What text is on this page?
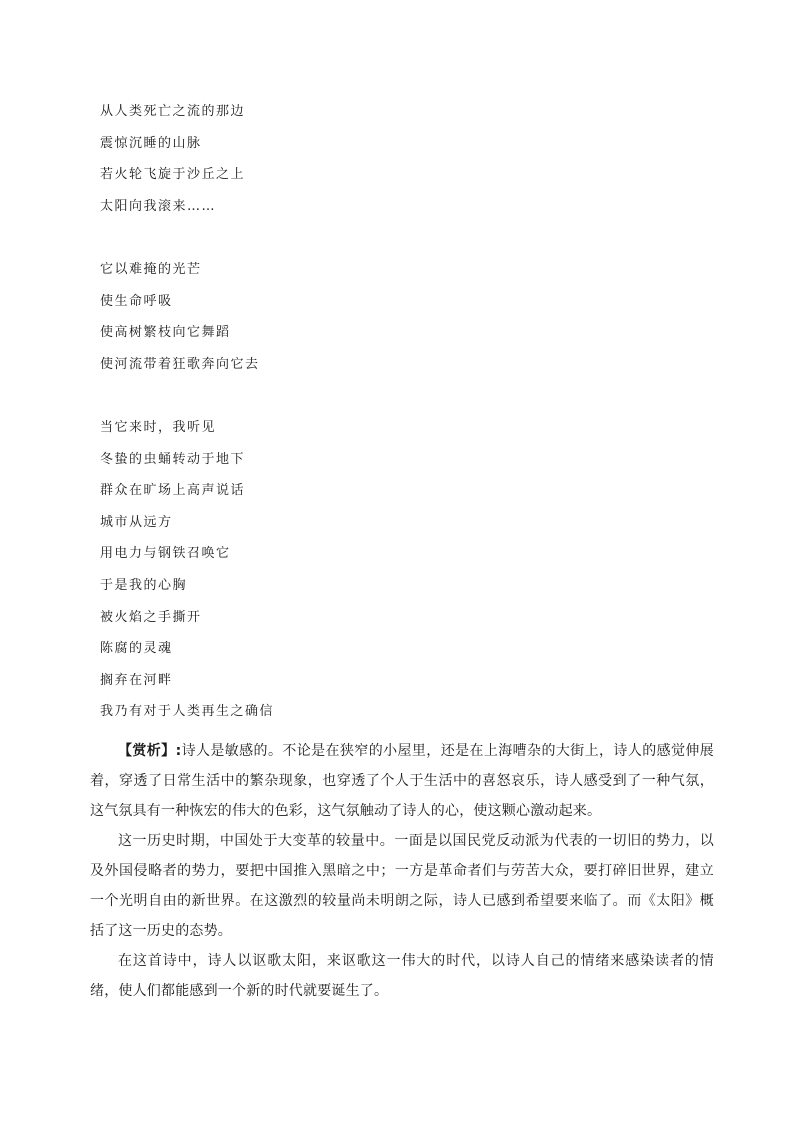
从人类死亡之流的那边
震惊沉睡的山脉
若火轮飞旋于沙丘之上
太阳向我滚来……
它以难掩的光芒
使生命呼吸
使高树繁枝向它舞蹈
使河流带着狂歌奔向它去
当它来时，我听见
冬蛰的虫蛹转动于地下
群众在旷场上高声说话
城市从远方
用电力与钢铁召唤它
于是我的心胸
被火焰之手撕开
陈腐的灵魂
搁弃在河畔
我乃有对于人类再生之确信

【赏析】:诗人是敏感的。不论是在狭窄的小屋里，还是在上海嘈杂的大街上，诗人的感觉伸展着，穿透了日常生活中的繁杂现象，也穿透了个人于生活中的喜怒哀乐，诗人感受到了一种气氛，这气氛具有一种恢宏的伟大的色彩，这气氛触动了诗人的心，使这颗心激动起来。

这一历史时期，中国处于大变革的较量中。一面是以国民党反动派为代表的一切旧的势力，以及外国侵略者的势力，要把中国推入黑暗之中；一方是革命者们与劳苦大众，要打碎旧世界，建立一个光明自由的新世界。在这激烈的较量尚未明朗之际，诗人已感到希望要来临了。而《太阳》概括了这一历史的态势。

在这首诗中，诗人以讴歌太阳，来讴歌这一伟大的时代，以诗人自己的情绪来感染读者的情绪，使人们都能感到一个新的时代就要诞生了。
